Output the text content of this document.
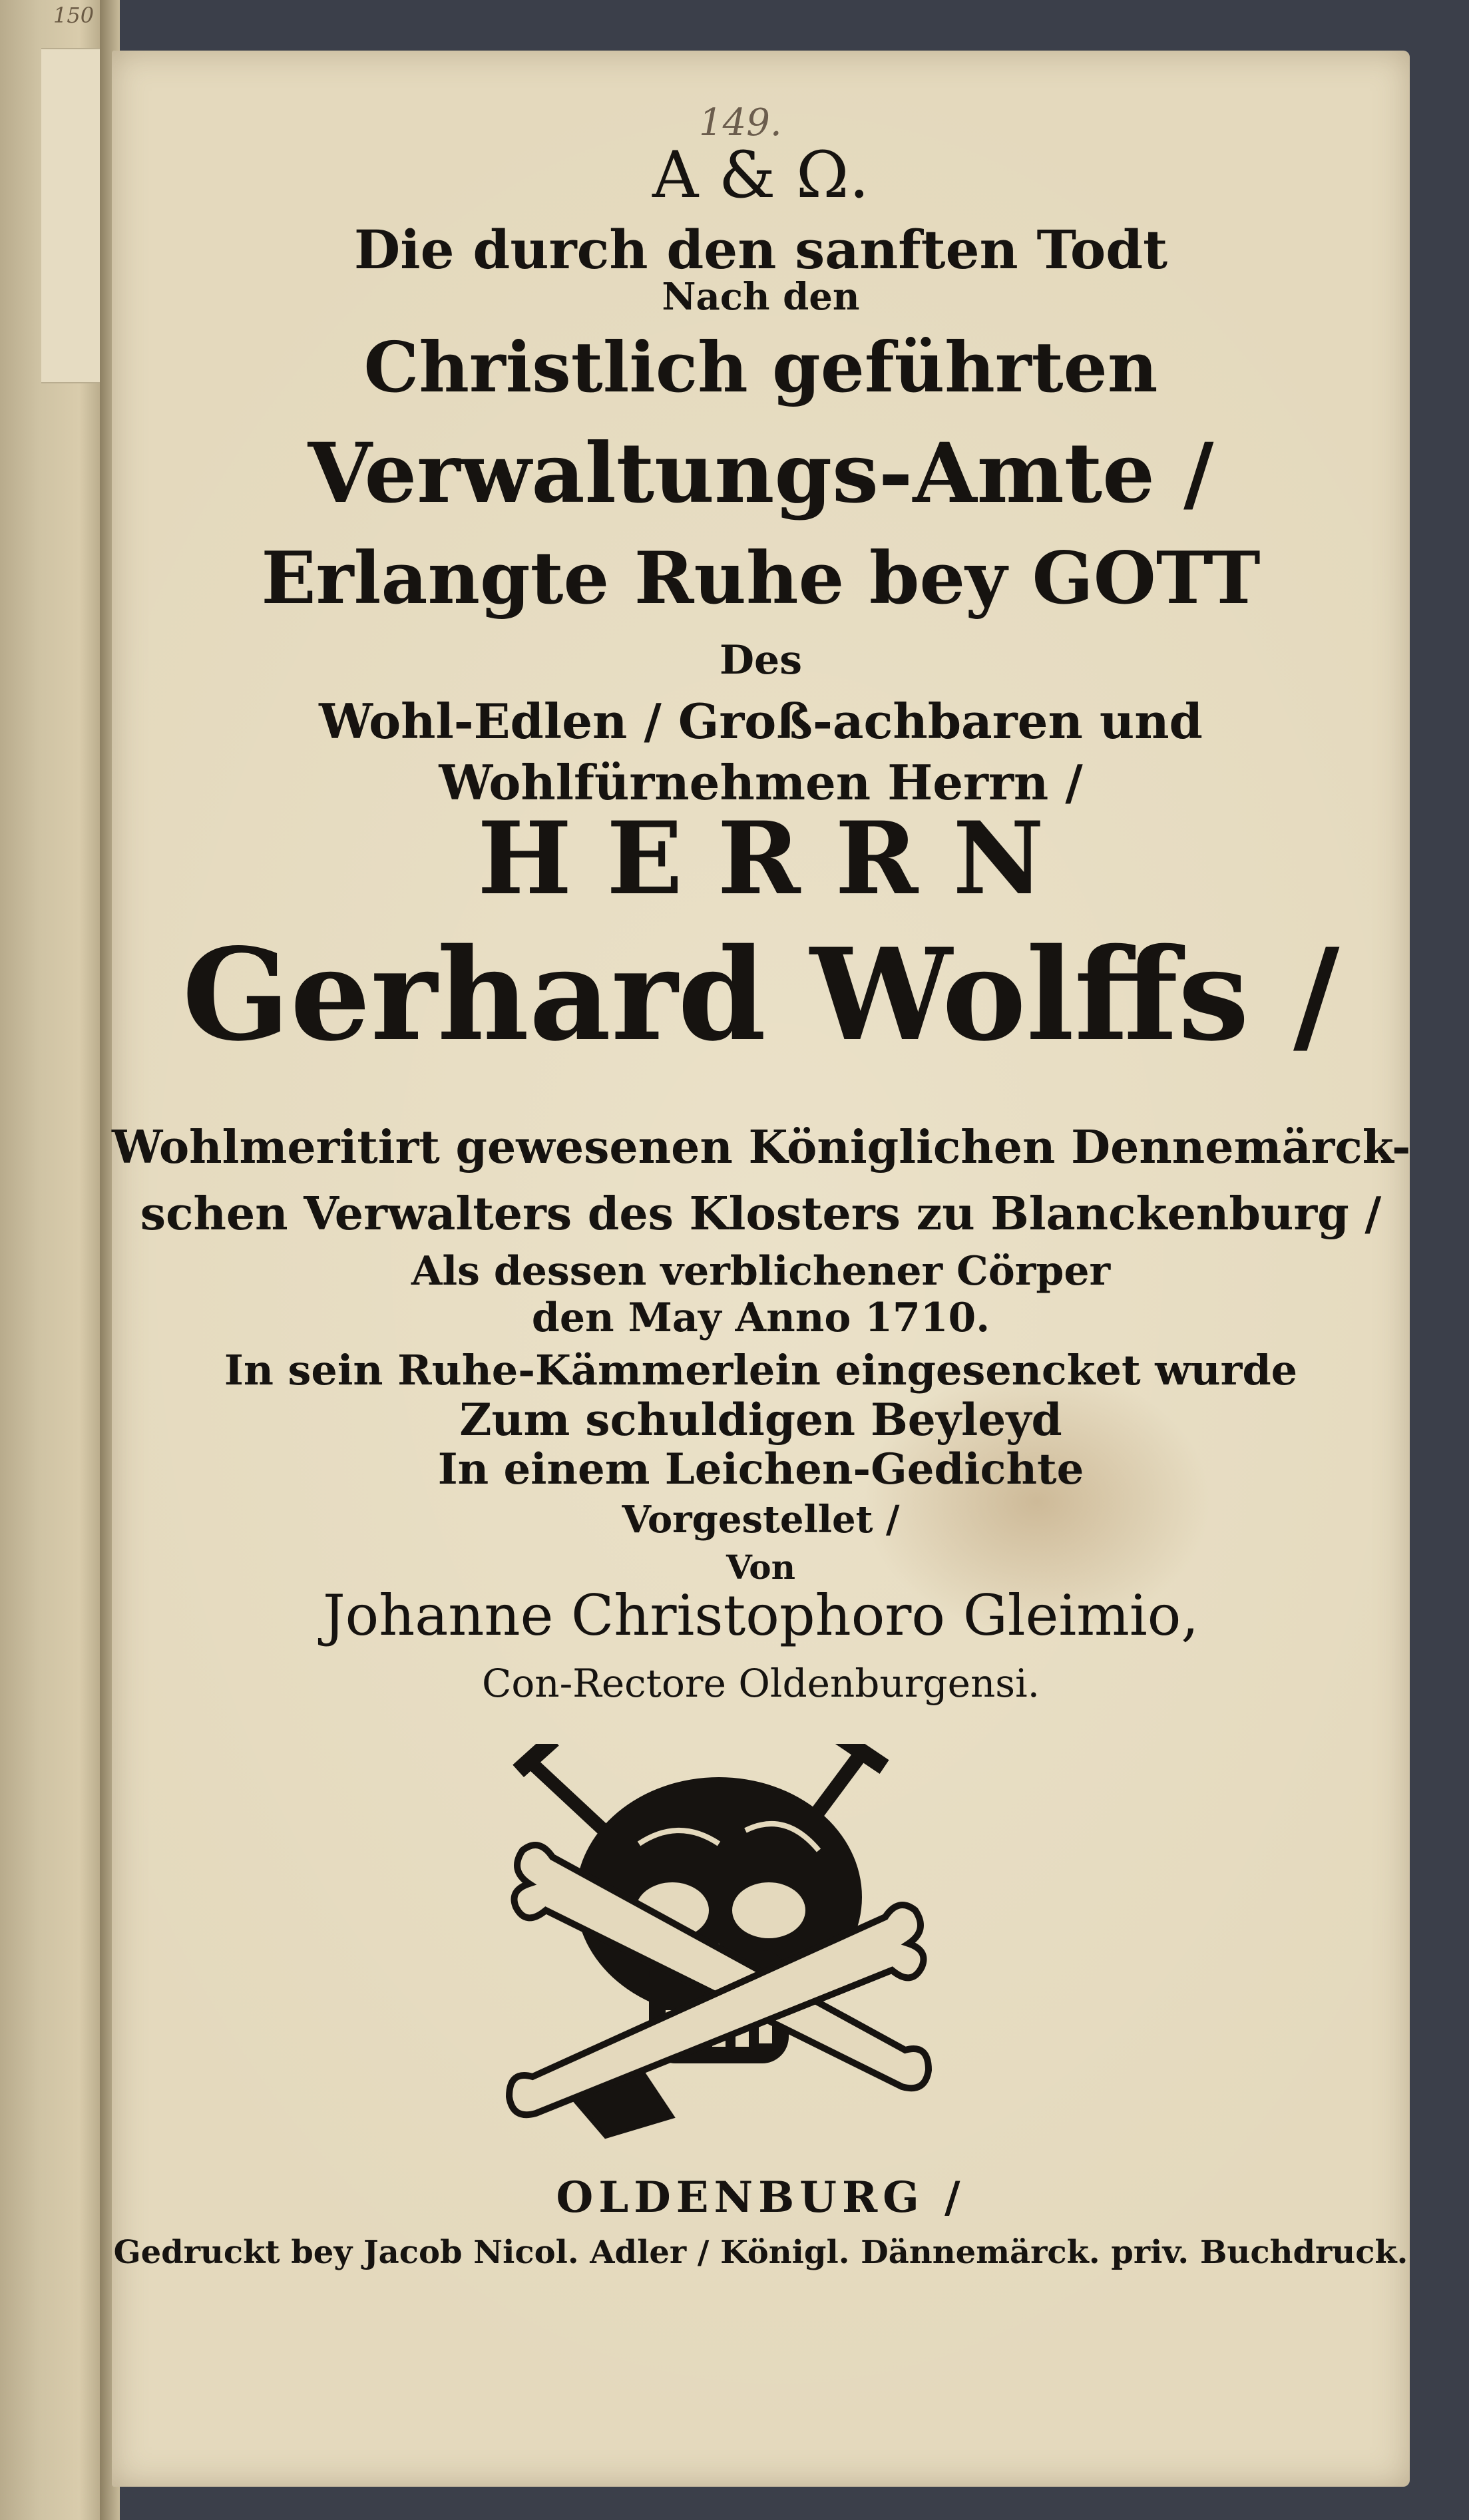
150
149.

A & Ω.

Die durch den sanften Todt

Nach den

Christlich geführten

Verwaltungs-Amte /

Erlangte Ruhe bey GOTT

Des

Wohl-Edlen / Groß-achbaren und

Wohlfürnehmen Herrn /

H E R R N

Gerhard Wolffs /

Wohlmeritirt gewesenen Königlichen Dennemärck-

schen Verwalters des Klosters zu Blanckenburg /

Als dessen verblichener Cörper

den May Anno 1710.

In sein Ruhe-Kämmerlein eingesencket wurde

Zum schuldigen Beyleyd

In einem Leichen-Gedichte

Vorgestellet /

Von

Johanne Christophoro Gleimio,

Con-Rectore Oldenburgensi.

OLDENBURG /

Gedruckt bey Jacob Nicol. Adler / Königl. Dännemärck. priv. Buchdruck.
